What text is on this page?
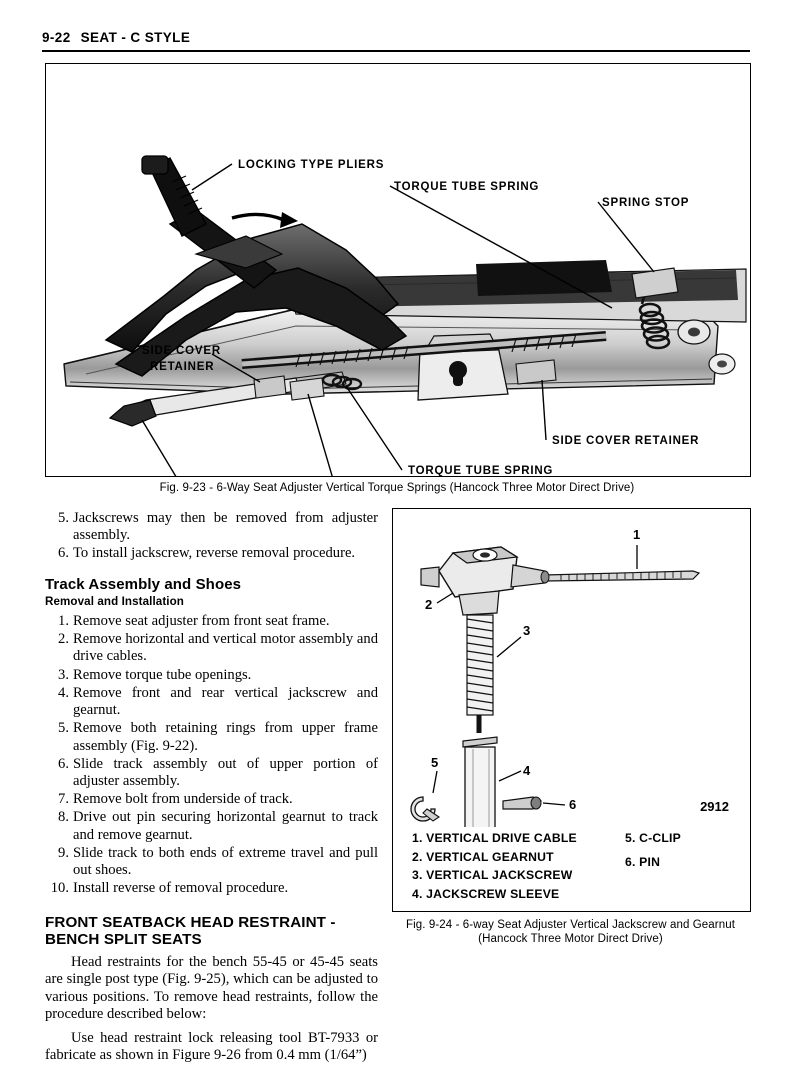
9-22 SEAT - C STYLE
LOCKING TYPE PLIERS
TORQUE TUBE SPRING
SPRING STOP
SIDE COVER
RETAINER
SIDE COVER RETAINER
TORQUE TUBE SPRING
Fig. 9-23 - 6-Way Seat Adjuster Vertical Torque Springs (Hancock Three Motor Direct Drive)
5. Jackscrews may then be removed from adjuster assembly.
6. To install jackscrew, reverse removal procedure.
Track Assembly and Shoes
Removal and Installation
1. Remove seat adjuster from front seat frame.
2. Remove horizontal and vertical motor assembly and drive cables.
3. Remove torque tube openings.
4. Remove front and rear vertical jackscrew and gearnut.
5. Remove both retaining rings from upper frame assembly (Fig. 9-22).
6. Slide track assembly out of upper portion of adjuster assembly.
7. Remove bolt from underside of track.
8. Drive out pin securing horizontal gearnut to track and remove gearnut.
9. Slide track to both ends of extreme travel and pull out shoes.
10. Install reverse of removal procedure.
FRONT SEATBACK HEAD RESTRAINT - BENCH SPLIT SEATS

Head restraints for the bench 55-45 or 45-45 seats are single post type (Fig. 9-25), which can be adjusted to various positions. To remove head restraints, follow the procedure described below:

Use head restraint lock releasing tool BT-7933 or fabricate as shown in Figure 9-26 from 0.4 mm (1/64”)

1
2
3
4
5
6	2912
1. VERTICAL DRIVE CABLE
2. VERTICAL GEARNUT
3. VERTICAL JACKSCREW
4. JACKSCREW SLEEVE
5. C-CLIP
6. PIN
Fig. 9-24 - 6-way Seat Adjuster Vertical Jackscrew and Gearnut (Hancock Three Motor Direct Drive)
